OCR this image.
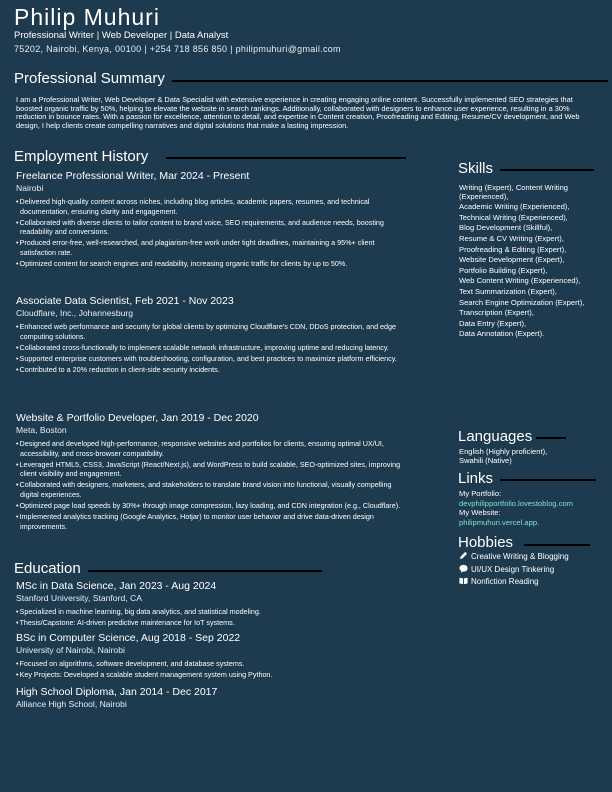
Philip Muhuri
Professional Writer | Web Developer | Data Analyst
75202, Nairobi, Kenya, 00100 | +254 718 856 850 | philipmuhuri@gmail.com
Professional Summary
I am a Professional Writer, Web Developer & Data Specialist with extensive experience in creating engaging online content. Successfully implemented SEO strategies that boosted organic traffic by 50%, helping to elevate the website in search rankings. Additionally, collaborated with designers to enhance user experience, resulting in a 30% reduction in bounce rates. With a passion for excellence, attention to detail, and expertise in Content creation, Proofreading and Editing, Resume/CV development, and Web design, I help clients create compelling narratives and digital solutions that make a lasting impression.
Employment History
Freelance Professional Writer, Mar 2024 - Present
Nairobi
• Delivered high-quality content across niches, including blog articles, academic papers, resumes, and technical documentation, ensuring clarity and engagement.
• Collaborated with diverse clients to tailor content to brand voice, SEO requirements, and audience needs, boosting readability and conversions.
• Produced error-free, well-researched, and plagiarism-free work under tight deadlines, maintaining a 95%+ client satisfaction rate.
• Optimized content for search engines and readability, increasing organic traffic for clients by up to 50%.
Associate Data Scientist, Feb 2021 - Nov 2023
Cloudflare, Inc., Johannesburg
• Enhanced web performance and security for global clients by optimizing Cloudflare's CDN, DDoS protection, and edge computing solutions.
• Collaborated cross-functionally to implement scalable network infrastructure, improving uptime and reducing latency.
• Supported enterprise customers with troubleshooting, configuration, and best practices to maximize platform efficiency.
• Contributed to a 20% reduction in client-side security incidents.
Website & Portfolio Developer, Jan 2019 - Dec 2020
Meta, Boston
• Designed and developed high-performance, responsive websites and portfolios for clients, ensuring optimal UX/UI, accessibility, and cross-browser compatibility.
• Leveraged HTML5, CSS3, JavaScript (React/Next.js), and WordPress to build scalable, SEO-optimized sites, improving client visibility and engagement.
• Collaborated with designers, marketers, and stakeholders to translate brand vision into functional, visually compelling digital experiences.
• Optimized page load speeds by 30%+ through image compression, lazy loading, and CDN integration (e.g., Cloudflare).
• Implemented analytics tracking (Google Analytics, Hotjar) to monitor user behavior and drive data-driven design improvements.
Education
MSc in Data Science, Jan 2023 - Aug 2024
Stanford University, Stanford, CA
• Specialized in machine learning, big data analytics, and statistical modeling.
• Thesis/Capstone: AI-driven predictive maintenance for IoT systems.
BSc in Computer Science, Aug 2018 - Sep 2022
University of Nairobi, Nairobi
• Focused on algorithms, software development, and database systems.
• Key Projects: Developed a scalable student management system using Python.
High School Diploma, Jan 2014 - Dec 2017
Alliance High School, Nairobi
Skills
Writing (Expert), Content Writing (Experienced),
Academic Writing (Experienced),
Technical Writing (Experienced),
Blog Development (Skillful),
Resume & CV Writing (Expert),
Proofreading & Editing (Expert),
Website Development (Expert),
Portfolio Building (Expert),
Web Content Writing (Experienced),
Text Summarization (Expert),
Search Engine Optimization (Expert),
Transcription (Expert),
Data Entry (Expert),
Data Annotation (Expert).
Languages
English (Highly proficient),
Swahili (Native)
Links
My Portfolio:
devphilipportfolio.lovestoblog.com
My Website:
philipmuhuri.vercel.app.
Hobbies
Creative Writing & Blogging
UI/UX Design Tinkering
Nonfiction Reading
